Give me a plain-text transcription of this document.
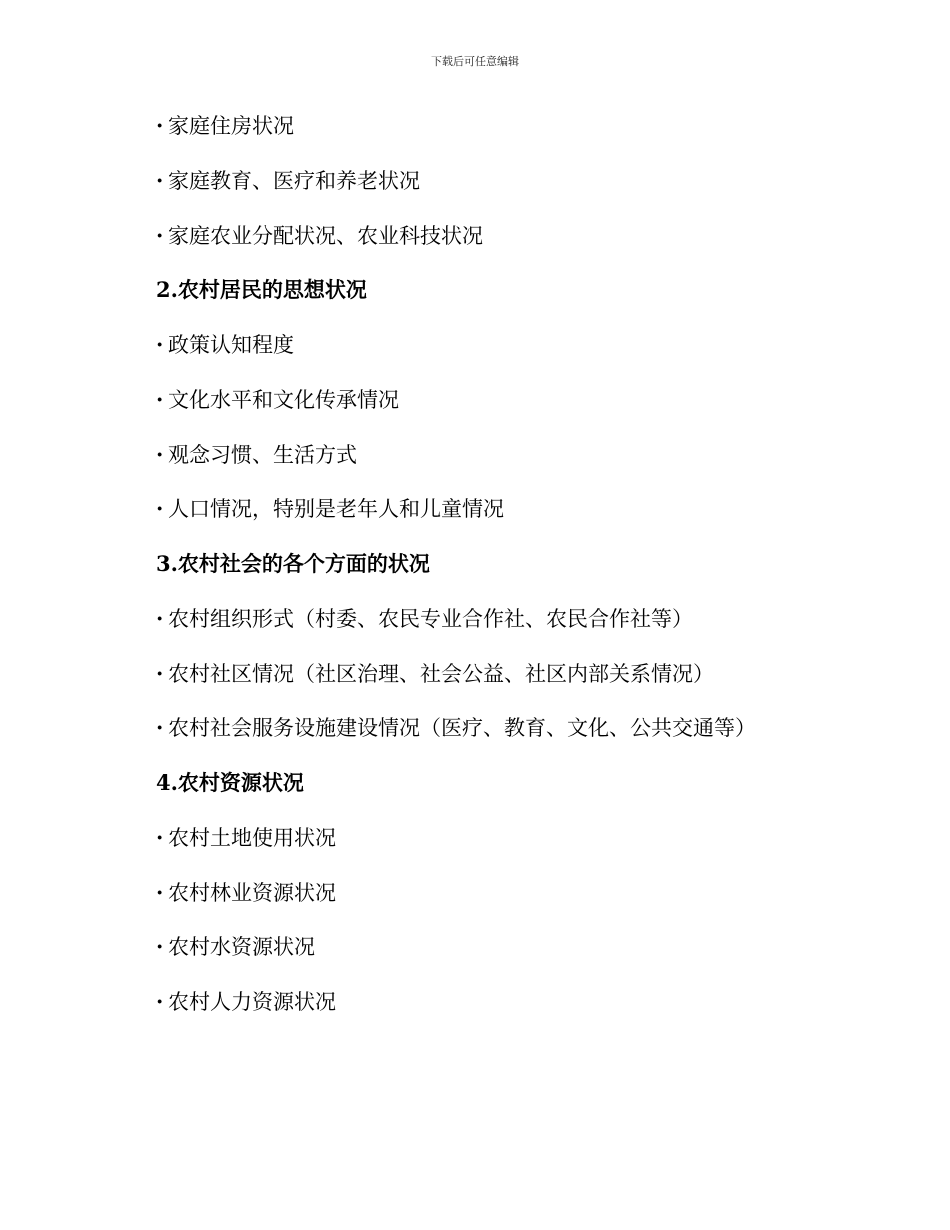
下载后可任意编辑
· 家庭住房状况
· 家庭教育、医疗和养老状况
· 家庭农业分配状况、农业科技状况
2.农村居民的思想状况
· 政策认知程度
· 文化水平和文化传承情况
· 观念习惯、生活方式
· 人口情况，特别是老年人和儿童情况
3.农村社会的各个方面的状况
· 农村组织形式（村委、农民专业合作社、农民合作社等）
· 农村社区情况（社区治理、社会公益、社区内部关系情况）
· 农村社会服务设施建设情况（医疗、教育、文化、公共交通等）
4.农村资源状况
· 农村土地使用状况
· 农村林业资源状况
· 农村水资源状况
· 农村人力资源状况
